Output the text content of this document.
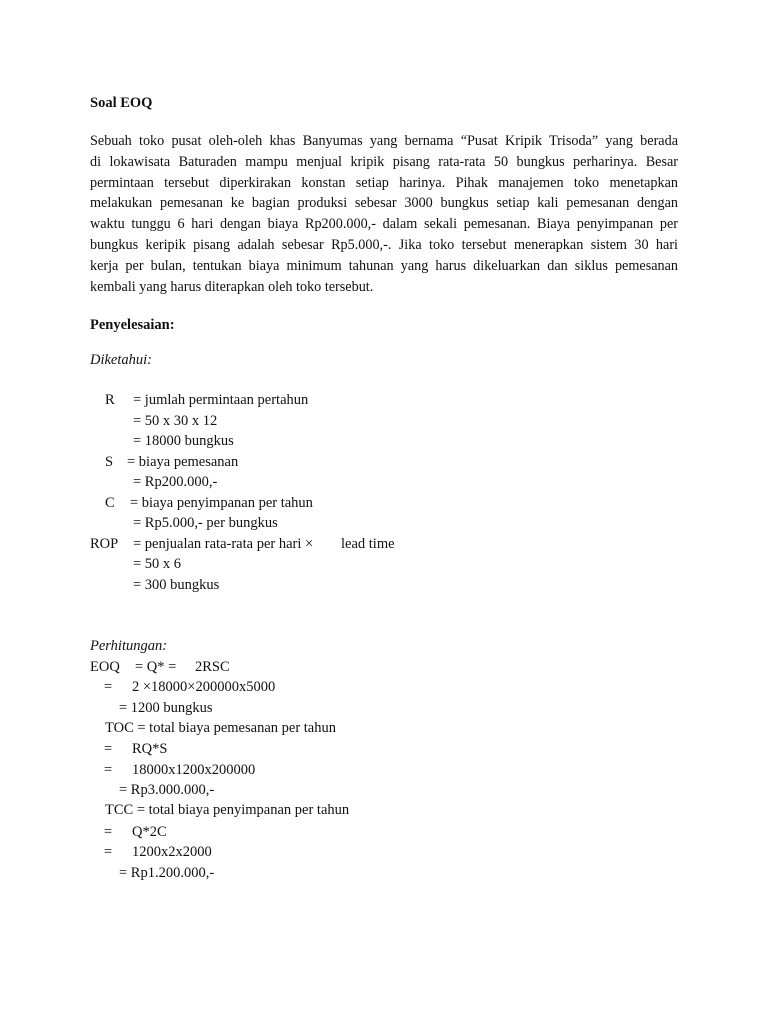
Soal EOQ
Sebuah toko pusat oleh-oleh khas Banyumas yang bernama “Pusat Kripik Trisoda” yang berada
di lokawisata Baturaden mampu menjual kripik pisang rata-rata 50 bungkus perharinya. Besar
permintaan tersebut diperkirakan konstan setiap harinya. Pihak manajemen toko menetapkan
melakukan pemesanan ke bagian produksi sebesar 3000 bungkus setiap kali pemesanan dengan
waktu tunggu 6 hari dengan biaya Rp200.000,- dalam sekali pemesanan. Biaya penyimpanan per
bungkus keripik pisang adalah sebesar Rp5.000,-. Jika toko tersebut menerapkan sistem 30 hari
kerja per bulan, tentukan biaya minimum tahunan yang harus dikeluarkan dan siklus pemesanan
kembali yang harus diterapkan oleh toko tersebut.
Penyelesaian:
Diketahui:
R = jumlah permintaan pertahun
= 50 x 30 x 12
= 18000 bungkus
S = biaya pemesanan
= Rp200.000,-
C = biaya penyimpanan per tahun
= Rp5.000,- per bungkus
ROP = penjualan rata-rata per hari × lead time
= 50 x 6
= 300 bungkus
Perhitungan:
EOQ = Q* = 2RSC
= 2 ×18000×200000x5000
= 1200 bungkus
TOC = total biaya pemesanan per tahun
= RQ*S
= 18000x1200x200000
= Rp3.000.000,-
TCC = total biaya penyimpanan per tahun
= Q*2C
= 1200x2x2000
= Rp1.200.000,-
